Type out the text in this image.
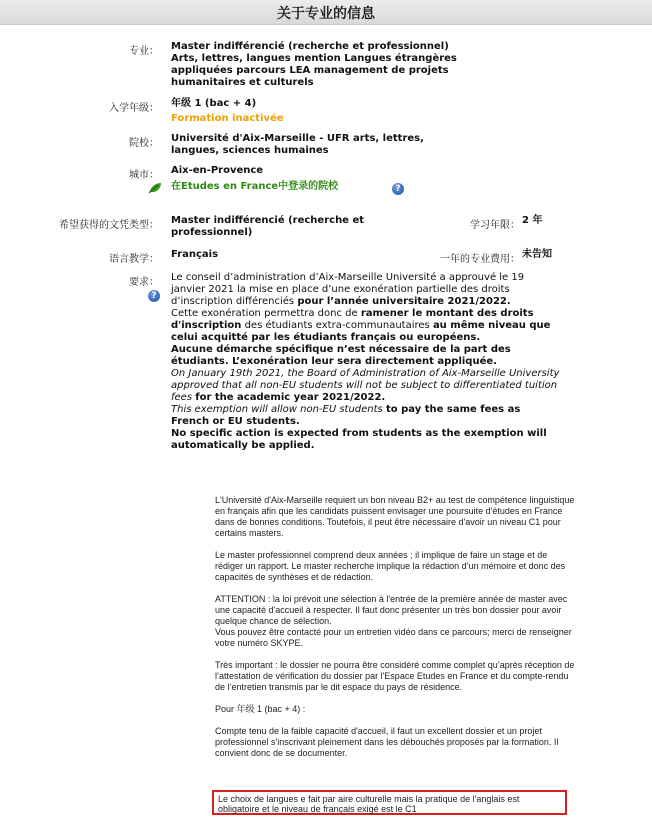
关于专业的信息
专业： Master indifférencié (recherche et professionnel) Arts, lettres, langues mention Langues étrangères appliquées parcours LEA management de projets humanitaires et culturels
入学年级： 年级 1 (bac + 4)
Formation inactivée
院校： Université d'Aix-Marseille - UFR arts, lettres, langues, sciences humaines
城市： Aix-en-Provence
在Etudes en France中登录的院校	?
希望获得的文凭类型： Master indifférencié (recherche et professionnel)
学习年限： 2 年
语言教学： Français	一年的专业费用： 未告知
要求：
?
Le conseil d’administration d’Aix-Marseille Université a approuvé le 19 janvier 2021 la mise en place d’une exonération partielle des droits d’inscription différenciés pour l’année universitaire 2021/2022.
Cette exonération permettra donc de ramener le montant des droits d'inscription des étudiants extra-communautaires au même niveau que celui acquitté par les étudiants français ou européens.
Aucune démarche spécifique n’est nécessaire de la part des étudiants. L’exonération leur sera directement appliquée.
On January 19th 2021, the Board of Administration of Aix-Marseille University approved that all non-EU students will not be subject to differentiated tuition fees for the academic year 2021/2022.
This exemption will allow non-EU students to pay the same fees as French or EU students.
No specific action is expected from students as the exemption will automatically be applied.

L'Université d'Aix-Marseille requiert un bon niveau B2+ au test de compétence linguistique en français afin que les candidats puissent envisager une poursuite d'études en France dans de bonnes conditions. Toutefois, il peut être nécessaire d'avoir un niveau C1 pour certains masters.

Le master professionnel comprend deux années ; il implique de faire un stage et de rédiger un rapport. Le master recherche implique la rédaction d’un mémoire et donc des capacités de synthèses et de rédaction.

ATTENTION : la loi prévoit une sélection à l'entrée de la première année de master avec une capacité d'accueil à respecter. Il faut donc présenter un très bon dossier pour avoir quelque chance de sélection.

Vous pouvez être contacté pour un entretien vidéo dans ce parcours; merci de renseigner votre numéro SKYPE.

Très important : le dossier ne pourra être considéré comme complet qu’après réception de l’attestation de vérification du dossier par l'Espace Etudes en France et du compte-rendu de l’entretien transmis par le dit espace du pays de résidence.

Pour 年级 1 (bac + 4) :

Compte tenu de la faible capacité d'accueil, il faut un excellent dossier et un projet professionnel s'inscrivant pleinement dans les débouchés proposés par la formation. Il convient donc de se documenter.

Le choix de langues e fait par aire culturelle mais la pratique de l'anglais est obligatoire et le niveau de français exigé est le C1
